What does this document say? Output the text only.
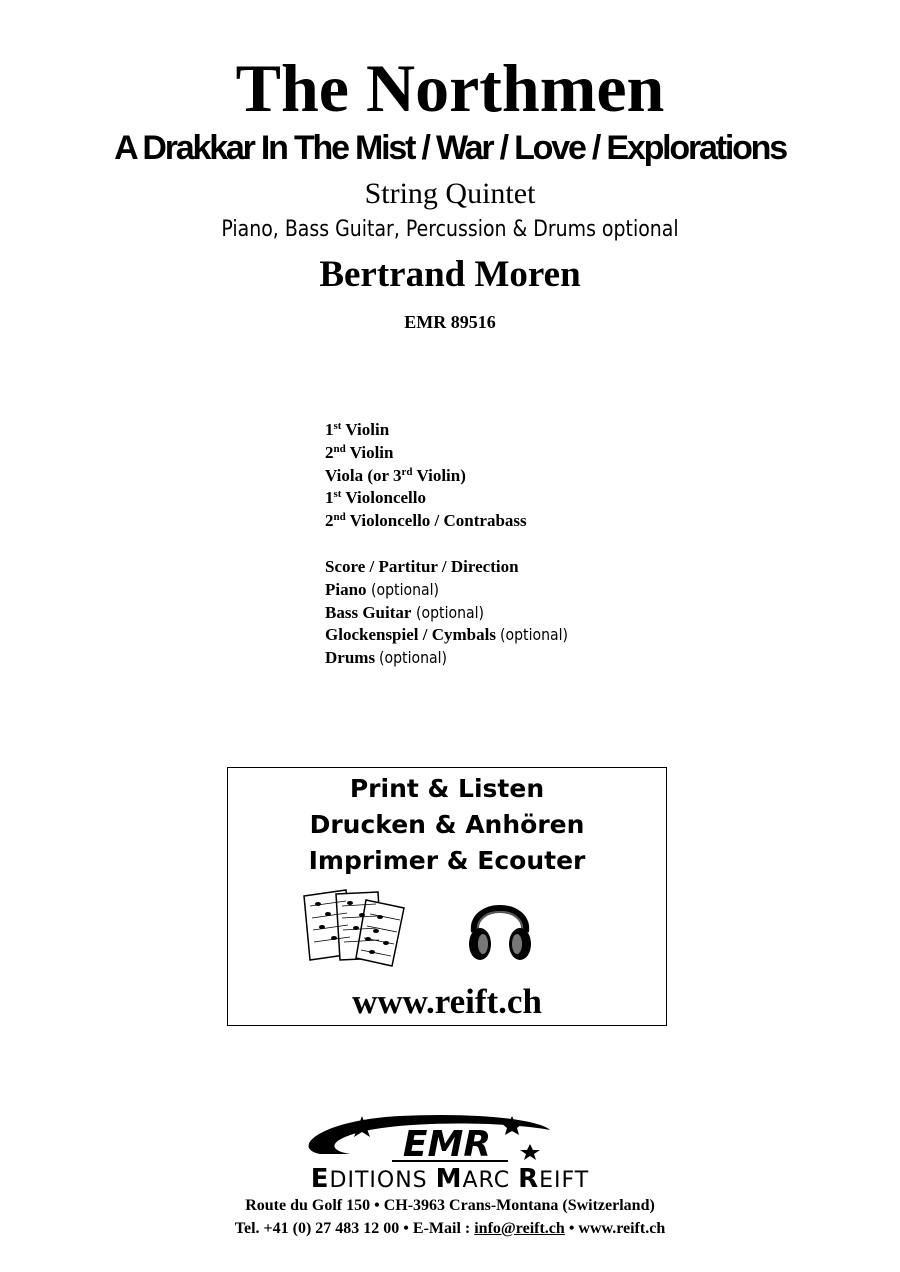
The Northmen
A Drakkar In The Mist / War / Love / Explorations
String Quintet
Piano, Bass Guitar, Percussion & Drums optional
Bertrand Moren
EMR 89516
1st Violin
2nd Violin
Viola (or 3rd Violin)
1st Violoncello
2nd Violoncello / Contrabass
Score / Partitur / Direction
Piano (optional)
Bass Guitar (optional)
Glockenspiel / Cymbals (optional)
Drums (optional)
Print & Listen
Drucken & Anhören
Imprimer & Ecouter
www.reift.ch
EMR
EDITIONS MARC REIFT
Route du Golf 150 • CH-3963 Crans-Montana (Switzerland)
Tel. +41 (0) 27 483 12 00 • E-Mail : info@reift.ch • www.reift.ch
